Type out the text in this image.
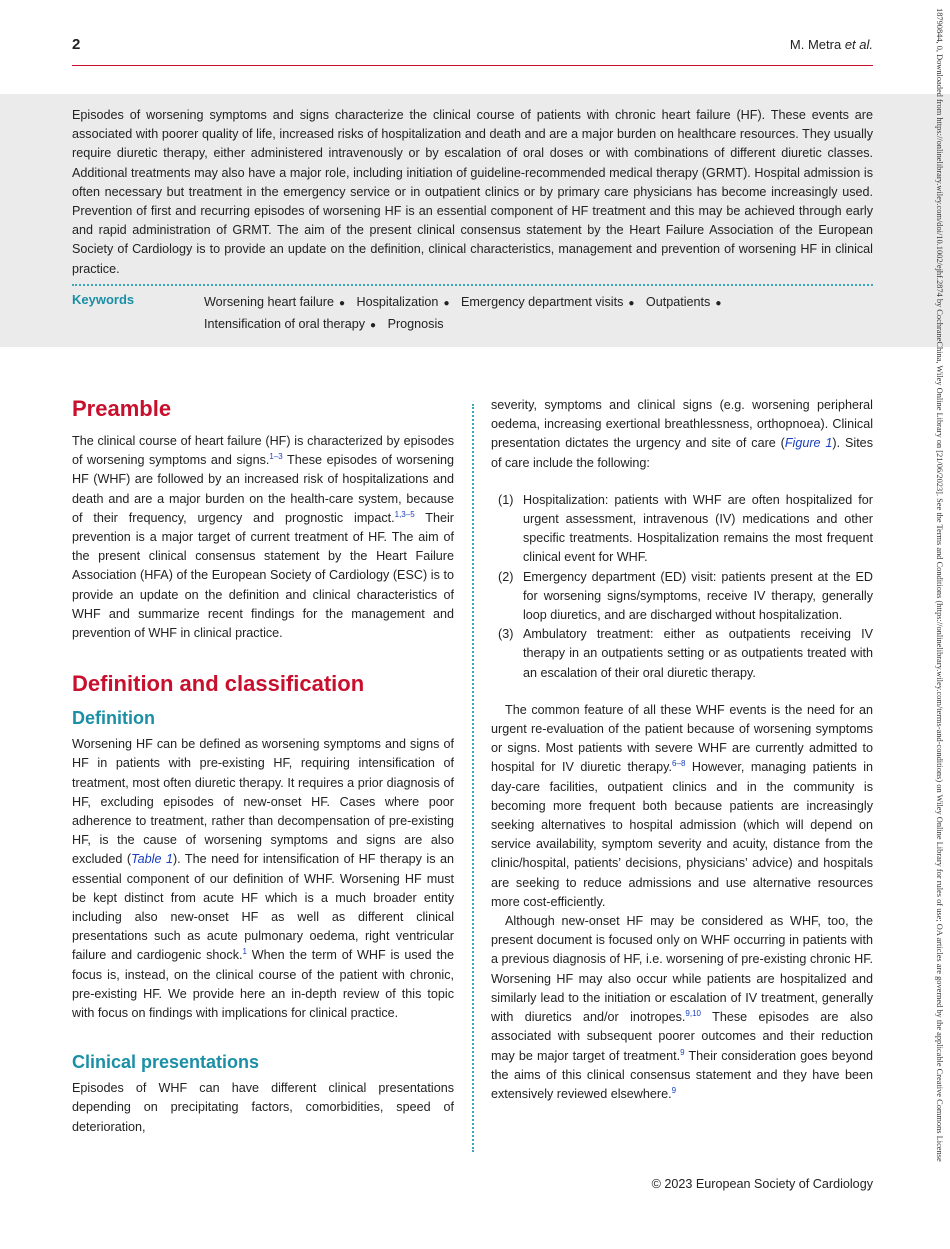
2	M. Metra et al.

Episodes of worsening symptoms and signs characterize the clinical course of patients with chronic heart failure (HF). These events are associated with poorer quality of life, increased risks of hospitalization and death and are a major burden on healthcare resources. They usually require diuretic therapy, either administered intravenously or by escalation of oral doses or with combinations of different diuretic classes. Additional treatments may also have a major role, including initiation of guideline-recommended medical therapy (GRMT). Hospital admission is often necessary but treatment in the emergency service or in outpatient clinics or by primary care physicians has become increasingly used. Prevention of first and recurring episodes of worsening HF is an essential component of HF treatment and this may be achieved through early and rapid administration of GRMT. The aim of the present clinical consensus statement by the Heart Failure Association of the European Society of Cardiology is to provide an update on the definition, clinical characteristics, management and prevention of worsening HF in clinical practice.

Keywords	Worsening heart failure ● Hospitalization ● Emergency department visits ● Outpatients ●
Intensification of oral therapy ● Prognosis
Preamble

The clinical course of heart failure (HF) is characterized by episodes of worsening symptoms and signs.$^{1-3}$ These episodes of worsening HF (WHF) are followed by an increased risk of hospitalizations and death and are a major burden on the health-care system, because of their frequency, urgency and prognostic impact.$^{1,3-5}$ Their prevention is a major target of current treatment of HF. The aim of the present clinical consensus statement by the Heart Failure Association (HFA) of the European Society of Cardiology (ESC) is to provide an update on the definition and clinical characteristics of WHF and summarize recent findings for the management and prevention of WHF in clinical practice.

Definition and classification
Definition

Worsening HF can be defined as worsening symptoms and signs of HF in patients with pre-existing HF, requiring intensification of treatment, most often diuretic therapy. It requires a prior diagnosis of HF, excluding episodes of new-onset HF. Cases where poor adherence to treatment, rather than decompensation of pre-existing HF, is the cause of worsening symptoms and signs are also excluded (Table 1). The need for intensification of HF therapy is an essential component of our definition of WHF. Worsening HF must be kept distinct from acute HF which is a much broader entity including also new-onset HF as well as different clinical presentations such as acute pulmonary oedema, right ventricular failure and cardiogenic shock.$^1$ When the term of WHF is used the focus is, instead, on the clinical course of the patient with chronic, pre-existing HF. We provide here an in-depth review of this topic with focus on findings with implications for clinical practice.

Clinical presentations

Episodes of WHF can have different clinical presentations depending on precipitating factors, comorbidities, speed of deterioration,

severity, symptoms and clinical signs (e.g. worsening peripheral oedema, increasing exertional breathlessness, orthopnoea). Clinical presentation dictates the urgency and site of care (Figure 1). Sites of care include the following:

(1) Hospitalization: patients with WHF are often hospitalized for urgent assessment, intravenous (IV) medications and other specific treatments. Hospitalization remains the most frequent clinical event for WHF.
(2) Emergency department (ED) visit: patients present at the ED for worsening signs/symptoms, receive IV therapy, generally loop diuretics, and are discharged without hospitalization.
(3) Ambulatory treatment: either as outpatients receiving IV therapy in an outpatients setting or as outpatients treated with an escalation of their oral diuretic therapy.

The common feature of all these WHF events is the need for an urgent re-evaluation of the patient because of worsening symptoms or signs. Most patients with severe WHF are currently admitted to hospital for IV diuretic therapy.$^{6-8}$ However, managing patients in day-care facilities, outpatient clinics and in the community is becoming more frequent both because patients are increasingly seeking alternatives to hospital admission (which will depend on service availability, symptom severity and acuity, distance from the clinic/hospital, patients’ decisions, physicians’ advice) and hospitals are seeking to reduce admissions and use alternative resources more cost-efficiently.

Although new-onset HF may be considered as WHF, too, the present document is focused only on WHF occurring in patients with a previous diagnosis of HF, i.e. worsening of pre-existing chronic HF. Worsening HF may also occur while patients are hospitalized and similarly lead to the initiation or escalation of IV treatment, generally with diuretics and/or inotropes.$^{9,10}$ These episodes are also associated with subsequent poorer outcomes and their reduction may be major target of treatment.$^9$ Their consideration goes beyond the aims of this clinical consensus statement and they have been extensively reviewed elsewhere.$^9$

© 2023 European Society of Cardiology
18790844, 0, Downloaded from https://onlinelibrary.wiley.com/doi/10.1002/ejhf.2874 by CochraneChina, Wiley Online Library on [21/06/2023]. See the Terms and Conditions (https://onlinelibrary.wiley.com/terms-and-conditions) on Wiley Online Library for rules of use; OA articles are governed by the applicable Creative Commons License
